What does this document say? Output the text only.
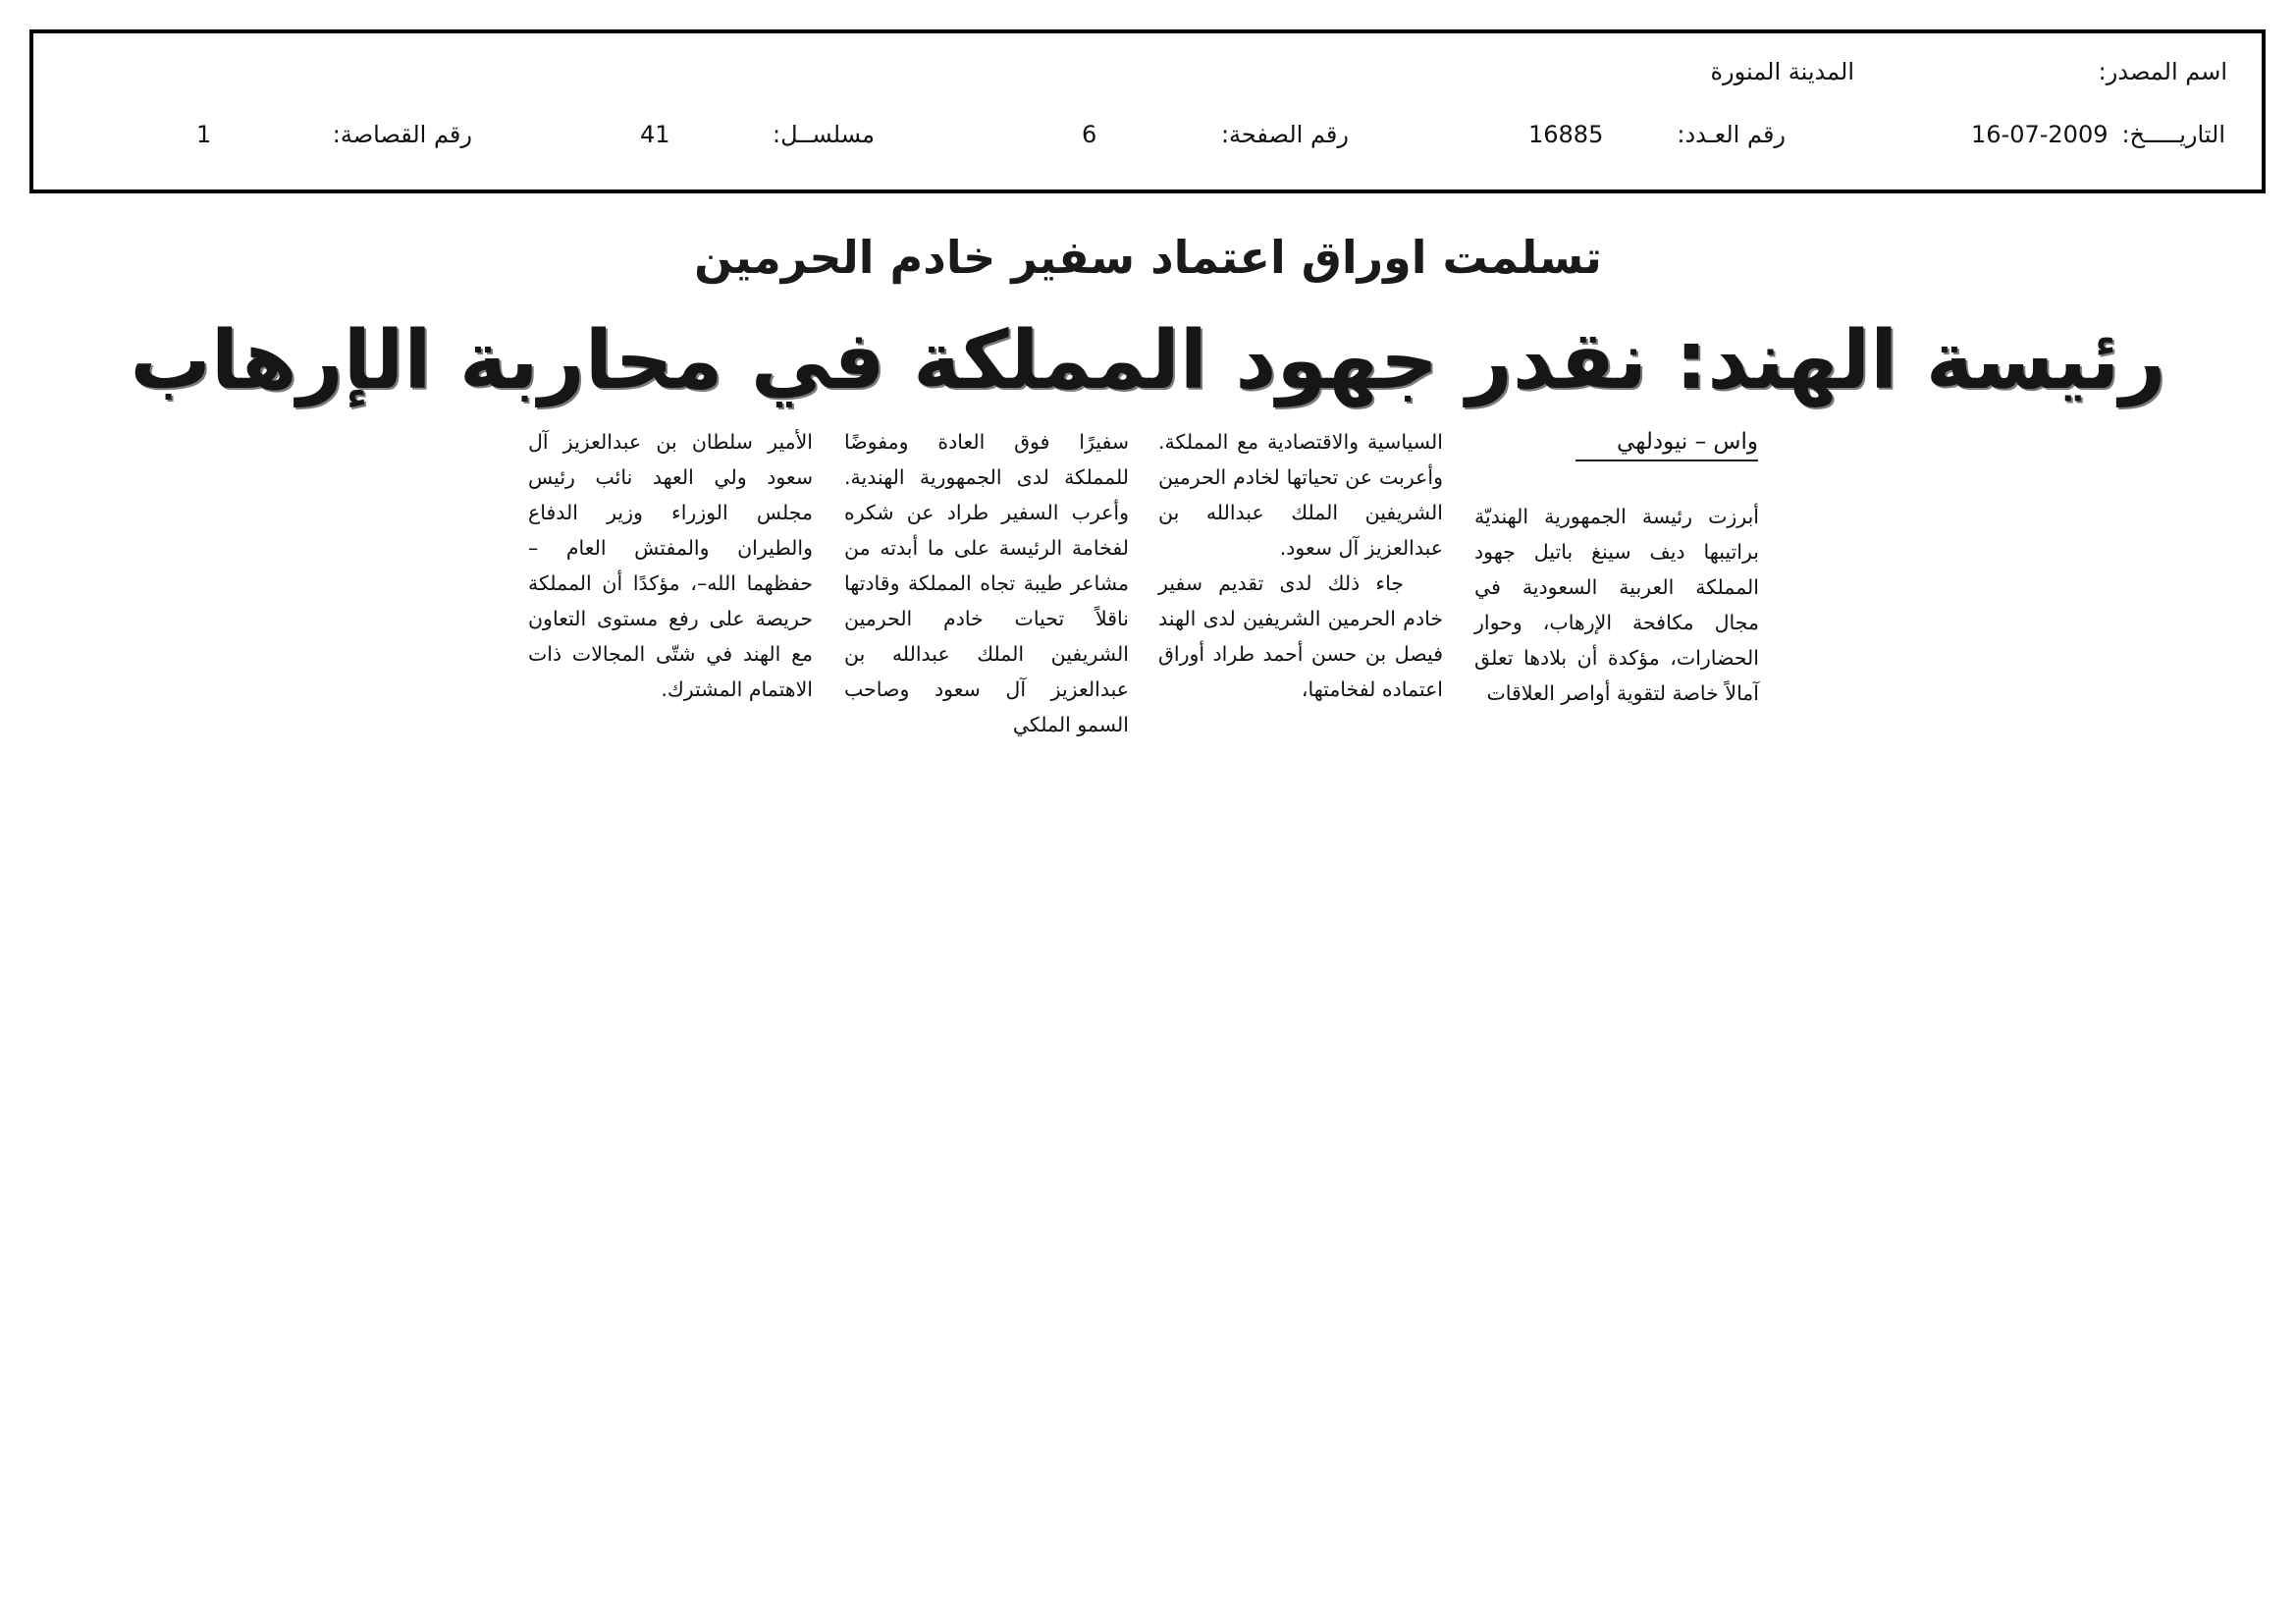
اسم المصدر:
المدينة المنورة
التاريـــــخ:
16-07-2009
رقم العـدد:
16885
رقم الصفحة:
6
مسلســل:
41
رقم القصاصة:
1
تسلمت اوراق اعتماد سفير خادم الحرمين
رئيسة الهند: نقدر جهود المملكة في محاربة الإرهاب
واس – نيودلهي

أبرزت رئيسة الجمهورية الهنديّة براتيبها ديف سينغ باتيل جهود المملكة العربية السعودية في مجال مكافحة الإرهاب، وحوار الحضارات، مؤكدة أن بلادها تعلق آمالاً خاصة لتقوية أواصر العلاقات

السياسية والاقتصادية مع المملكة. وأعربت عن تحياتها لخادم الحرمين الشريفين الملك عبدالله بن عبدالعزيز آل سعود.

جاء ذلك لدى تقديم سفير خادم الحرمين الشريفين لدى الهند فيصل بن حسن أحمد طراد أوراق اعتماده لفخامتها،

سفيرًا فوق العادة ومفوضًا للمملكة لدى الجمهورية الهندية. وأعرب السفير طراد عن شكره لفخامة الرئيسة على ما أبدته من مشاعر طيبة تجاه المملكة وقادتها ناقلاً تحيات خادم الحرمين الشريفين الملك عبدالله بن عبدالعزيز آل سعود وصاحب السمو الملكي

الأمير سلطان بن عبدالعزيز آل سعود ولي العهد نائب رئيس مجلس الوزراء وزير الدفاع والطيران والمفتش العام –حفظهما الله–، مؤكدًا أن المملكة حريصة على رفع مستوى التعاون مع الهند في شتّى المجالات ذات الاهتمام المشترك.
